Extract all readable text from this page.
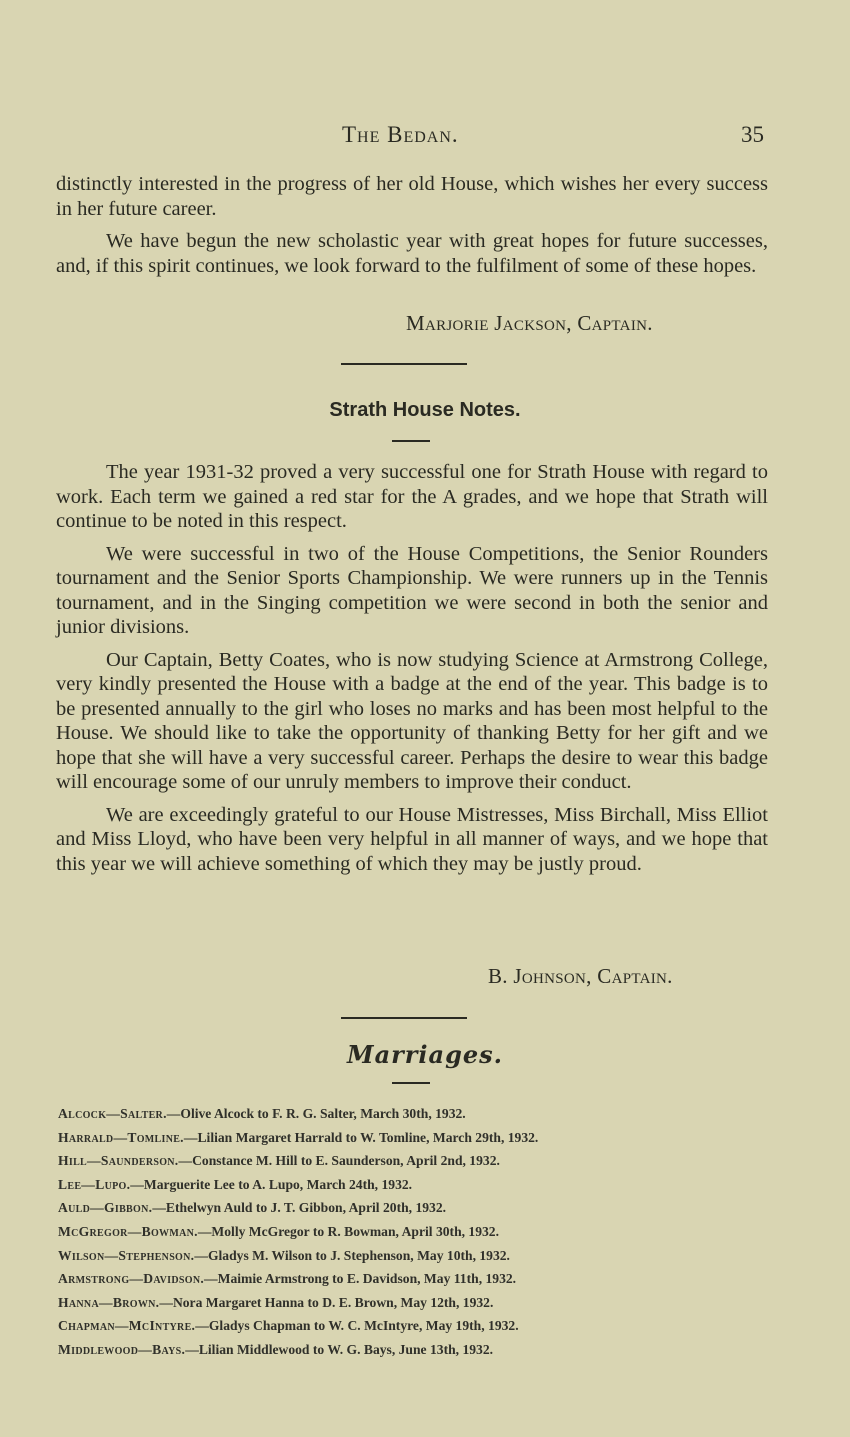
The Bedan.	35

distinctly interested in the progress of her old House, which wishes her every success in her future career.

We have begun the new scholastic year with great hopes for future successes, and, if this spirit continues, we look forward to the fulfilment of some of these hopes.

Marjorie Jackson, Captain.
Strath House Notes.

The year 1931-32 proved a very successful one for Strath House with regard to work. Each term we gained a red star for the A grades, and we hope that Strath will continue to be noted in this respect.

We were successful in two of the House Competitions, the Senior Rounders tournament and the Senior Sports Championship. We were runners up in the Tennis tournament, and in the Singing competition we were second in both the senior and junior divisions.

Our Captain, Betty Coates, who is now studying Science at Armstrong College, very kindly presented the House with a badge at the end of the year. This badge is to be presented annually to the girl who loses no marks and has been most helpful to the House. We should like to take the opportunity of thanking Betty for her gift and we hope that she will have a very successful career. Perhaps the desire to wear this badge will encourage some of our unruly members to improve their conduct.

We are exceedingly grateful to our House Mistresses, Miss Birchall, Miss Elliot and Miss Lloyd, who have been very helpful in all manner of ways, and we hope that this year we will achieve something of which they may be justly proud.

B. Johnson, Captain.
Marriages.
Alcock—Salter.—Olive Alcock to F. R. G. Salter, March 30th, 1932.
Harrald—Tomline.—Lilian Margaret Harrald to W. Tomline, March 29th, 1932.
Hill—Saunderson.—Constance M. Hill to E. Saunderson, April 2nd, 1932.
Lee—Lupo.—Marguerite Lee to A. Lupo, March 24th, 1932.
Auld—Gibbon.—Ethelwyn Auld to J. T. Gibbon, April 20th, 1932.
McGregor—Bowman.—Molly McGregor to R. Bowman, April 30th, 1932.
Wilson—Stephenson.—Gladys M. Wilson to J. Stephenson, May 10th, 1932.
Armstrong—Davidson.—Maimie Armstrong to E. Davidson, May 11th, 1932.
Hanna—Brown.—Nora Margaret Hanna to D. E. Brown, May 12th, 1932.
Chapman—McIntyre.—Gladys Chapman to W. C. McIntyre, May 19th, 1932.
Middlewood—Bays.—Lilian Middlewood to W. G. Bays, June 13th, 1932.
